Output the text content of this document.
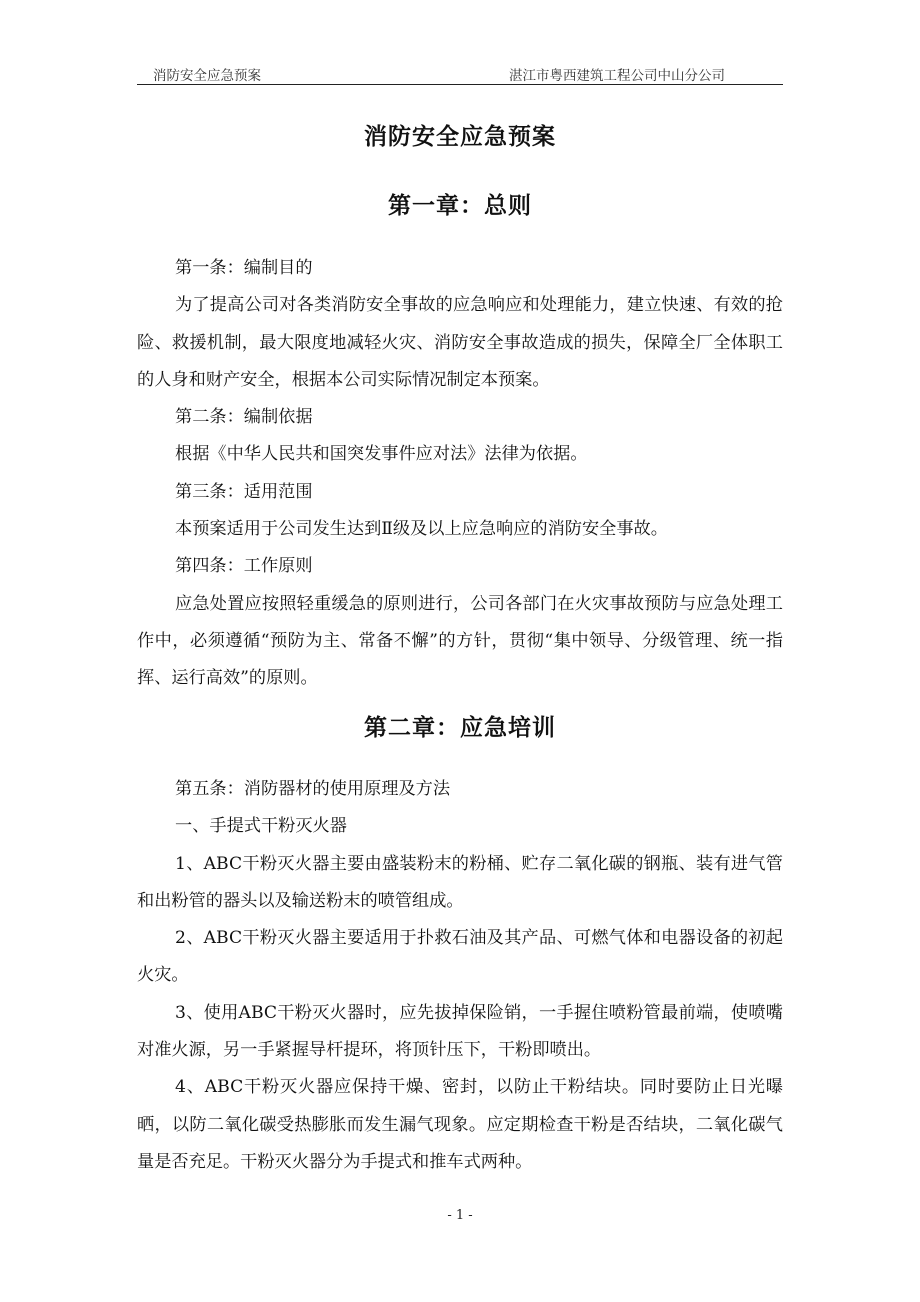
消防安全应急预案	湛江市粤西建筑工程公司中山分公司
消防安全应急预案
第一章：总则

第一条：编制目的

为了提高公司对各类消防安全事故的应急响应和处理能力，建立快速、有效的抢险、救援机制，最大限度地减轻火灾、消防安全事故造成的损失，保障全厂全体职工的人身和财产安全，根据本公司实际情况制定本预案。

第二条：编制依据

根据《中华人民共和国突发事件应对法》法律为依据。

第三条：适用范围

本预案适用于公司发生达到Ⅱ级及以上应急响应的消防安全事故。

第四条：工作原则

应急处置应按照轻重缓急的原则进行，公司各部门在火灾事故预防与应急处理工作中，必须遵循“预防为主、常备不懈”的方针，贯彻“集中领导、分级管理、统一指挥、运行高效”的原则。

第二章：应急培训

第五条：消防器材的使用原理及方法

一、手提式干粉灭火器

1、ABC干粉灭火器主要由盛装粉末的粉桶、贮存二氧化碳的钢瓶、装有进气管和出粉管的器头以及输送粉末的喷管组成。

2、ABC干粉灭火器主要适用于扑救石油及其产品、可燃气体和电器设备的初起火灾。

3、使用ABC干粉灭火器时，应先拔掉保险销，一手握住喷粉管最前端，使喷嘴对准火源，另一手紧握导杆提环，将顶针压下，干粉即喷出。

4、ABC干粉灭火器应保持干燥、密封，以防止干粉结块。同时要防止日光曝晒，以防二氧化碳受热膨胀而发生漏气现象。应定期检查干粉是否结块，二氧化碳气量是否充足。干粉灭火器分为手提式和推车式两种。

- 1 -
